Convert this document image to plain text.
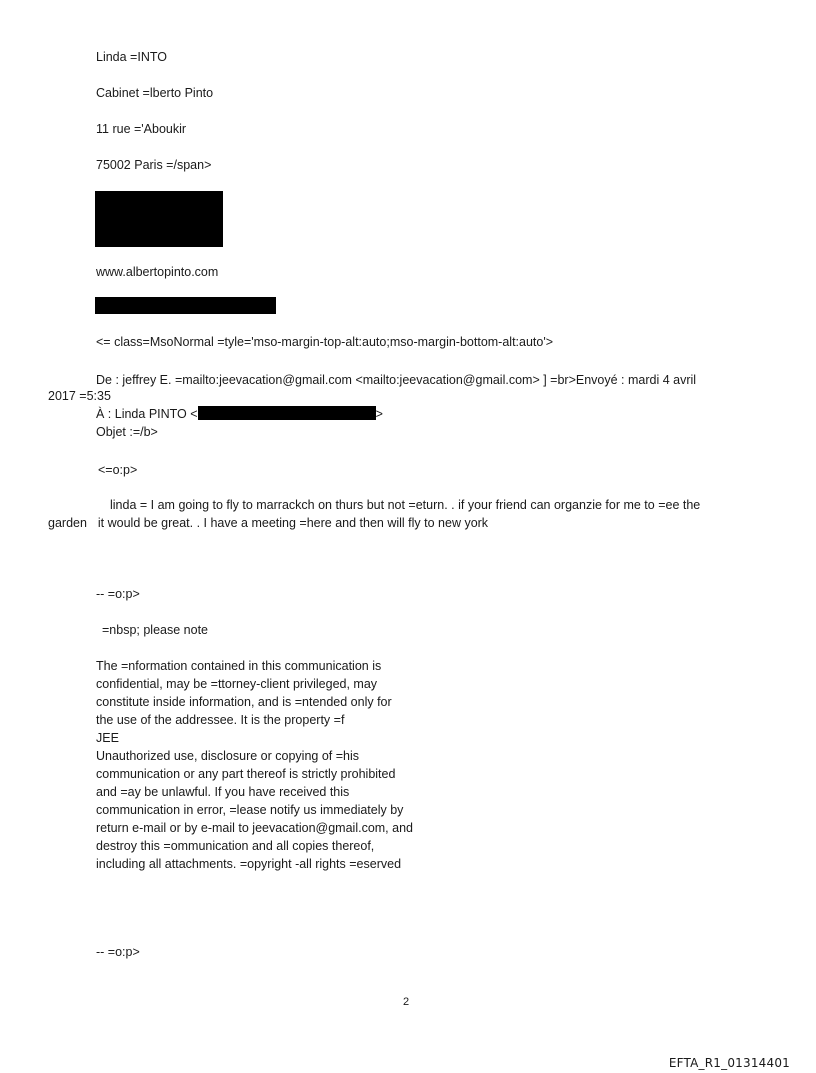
Linda =INTO
Cabinet =lberto Pinto
11 rue ='Aboukir
75002 Paris =/span>
www.albertopinto.com
<= class=MsoNormal =tyle='mso-margin-top-alt:auto;mso-margin-bottom-alt:auto'>
De : jeffrey E. =mailto:jeevacation@gmail.com <mailto:jeevacation@gmail.com> ] =br>Envoyé : mardi 4 avril
2017 =5:35
À : Linda PINTO <	>
Objet :=/b>
<=o:p>
linda = I am going to fly to marrackch on thurs but not =eturn. . if your friend can organzie for me to =ee the
garden it would be great. . I have a meeting =here and then will fly to new york
-- =o:p>
=nbsp; please note
The =nformation contained in this communication is
confidential, may be =ttorney-client privileged, may
constitute inside information, and is =ntended only for
the use of the addressee. It is the property =f
JEE
Unauthorized use, disclosure or copying of =his
communication or any part thereof is strictly prohibited
and =ay be unlawful. If you have received this
communication in error, =lease notify us immediately by
return e-mail or by e-mail to jeevacation@gmail.com, and
destroy this =ommunication and all copies thereof,
including all attachments. =opyright -all rights =eserved
-- =o:p>
2
EFTA_R1_01314401
